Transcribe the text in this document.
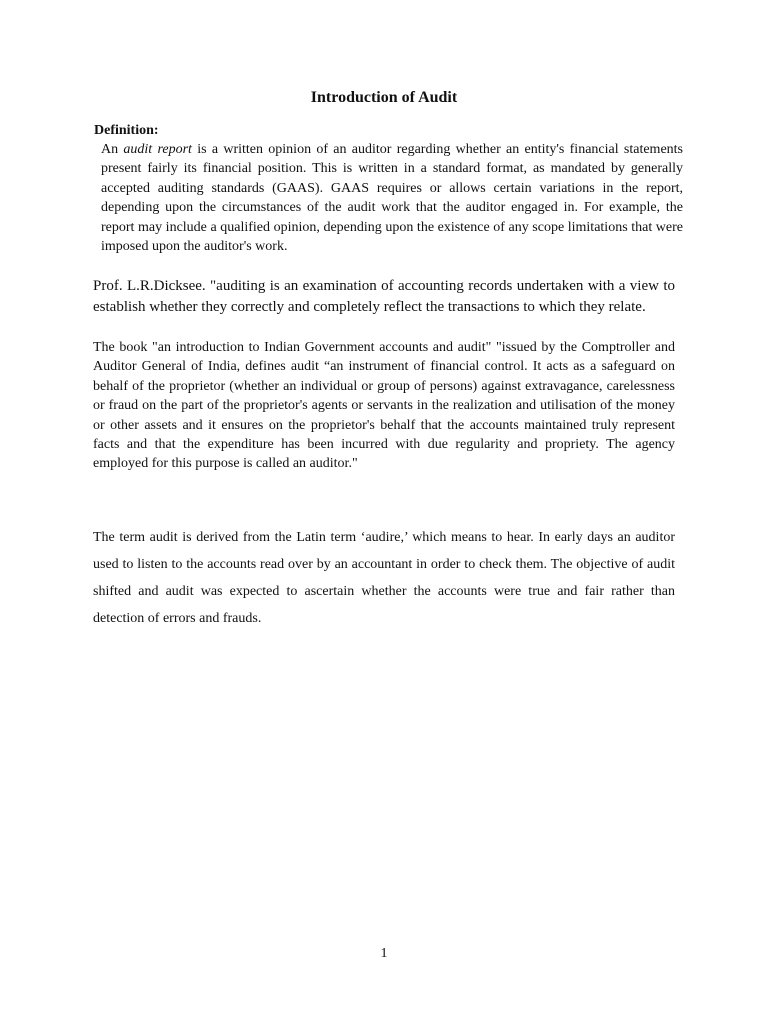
Introduction of Audit

Definition:

An audit report is a written opinion of an auditor regarding whether an entity's financial statements present fairly its financial position. This is written in a standard format, as mandated by generally accepted auditing standards (GAAS). GAAS requires or allows certain variations in the report, depending upon the circumstances of the audit work that the auditor engaged in. For example, the report may include a qualified opinion, depending upon the existence of any scope limitations that were imposed upon the auditor's work.

Prof. L.R.Dicksee. "auditing is an examination of accounting records undertaken with a view to establish whether they correctly and completely reflect the transactions to which they relate.

The book "an introduction to Indian Government accounts and audit" "issued by the Comptroller and Auditor General of India, defines audit “an instrument of financial control. It acts as a safeguard on behalf of the proprietor (whether an individual or group of persons) against extravagance, carelessness or fraud on the part of the proprietor's agents or servants in the realization and utilisation of the money or other assets and it ensures on the proprietor's behalf that the accounts maintained truly represent facts and that the expenditure has been incurred with due regularity and propriety. The agency employed for this purpose is called an auditor."

The term audit is derived from the Latin term ‘audire,’ which means to hear. In early days an auditor used to listen to the accounts read over by an accountant in order to check them. The objective of audit shifted and audit was expected to ascertain whether the accounts were true and fair rather than detection of errors and frauds.

1
